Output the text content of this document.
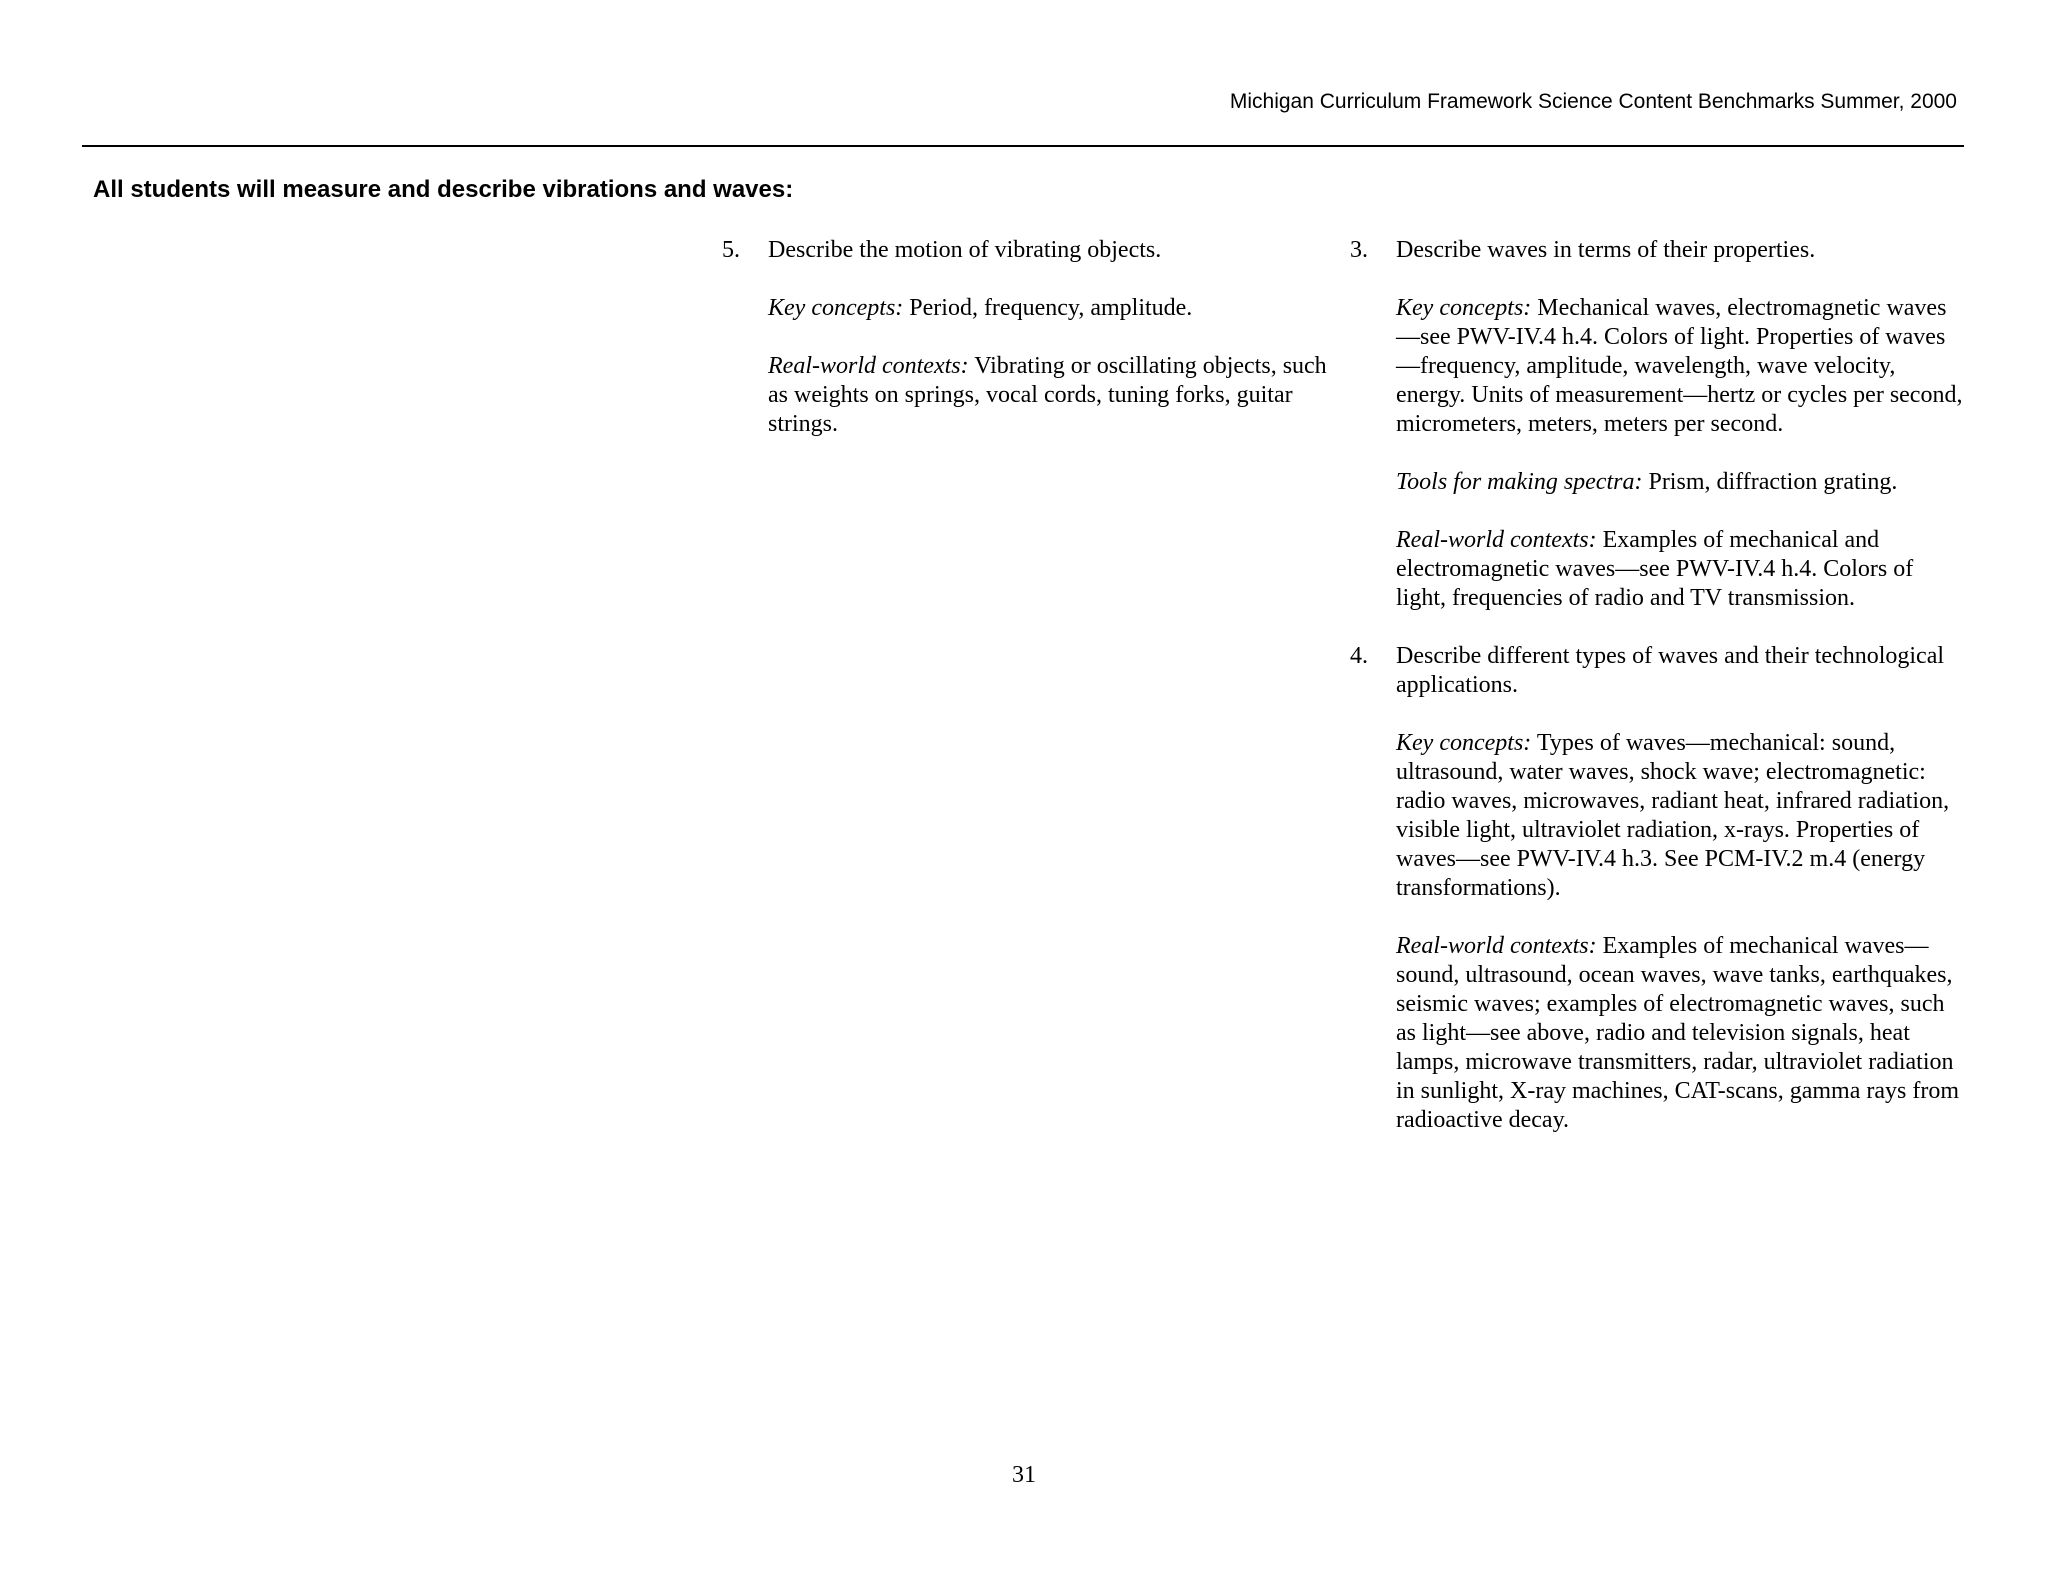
Michigan Curriculum Framework Science Content Benchmarks Summer, 2000
All students will measure and describe vibrations and waves:
5. Describe the motion of vibrating objects.

Key concepts: Period, frequency, amplitude.

Real-world contexts: Vibrating or oscillating objects, such as weights on springs, vocal cords, tuning forks, guitar strings.

3. Describe waves in terms of their properties.

Key concepts: Mechanical waves, electromagnetic waves—see PWV-IV.4 h.4. Colors of light. Properties of waves—frequency, amplitude, wavelength, wave velocity, energy. Units of measurement—hertz or cycles per second, micrometers, meters, meters per second.

Tools for making spectra: Prism, diffraction grating.

Real-world contexts: Examples of mechanical and electromagnetic waves—see PWV-IV.4 h.4. Colors of light, frequencies of radio and TV transmission.

4. Describe different types of waves and their technological applications.

Key concepts: Types of waves—mechanical: sound, ultrasound, water waves, shock wave; electromagnetic: radio waves, microwaves, radiant heat, infrared radiation, visible light, ultraviolet radiation, x-rays. Properties of waves—see PWV-IV.4 h.3. See PCM-IV.2 m.4 (energy transformations).

Real-world contexts: Examples of mechanical waves—sound, ultrasound, ocean waves, wave tanks, earthquakes, seismic waves; examples of electromagnetic waves, such as light—see above, radio and television signals, heat lamps, microwave transmitters, radar, ultraviolet radiation in sunlight, X-ray machines, CAT-scans, gamma rays from radioactive decay.

31
